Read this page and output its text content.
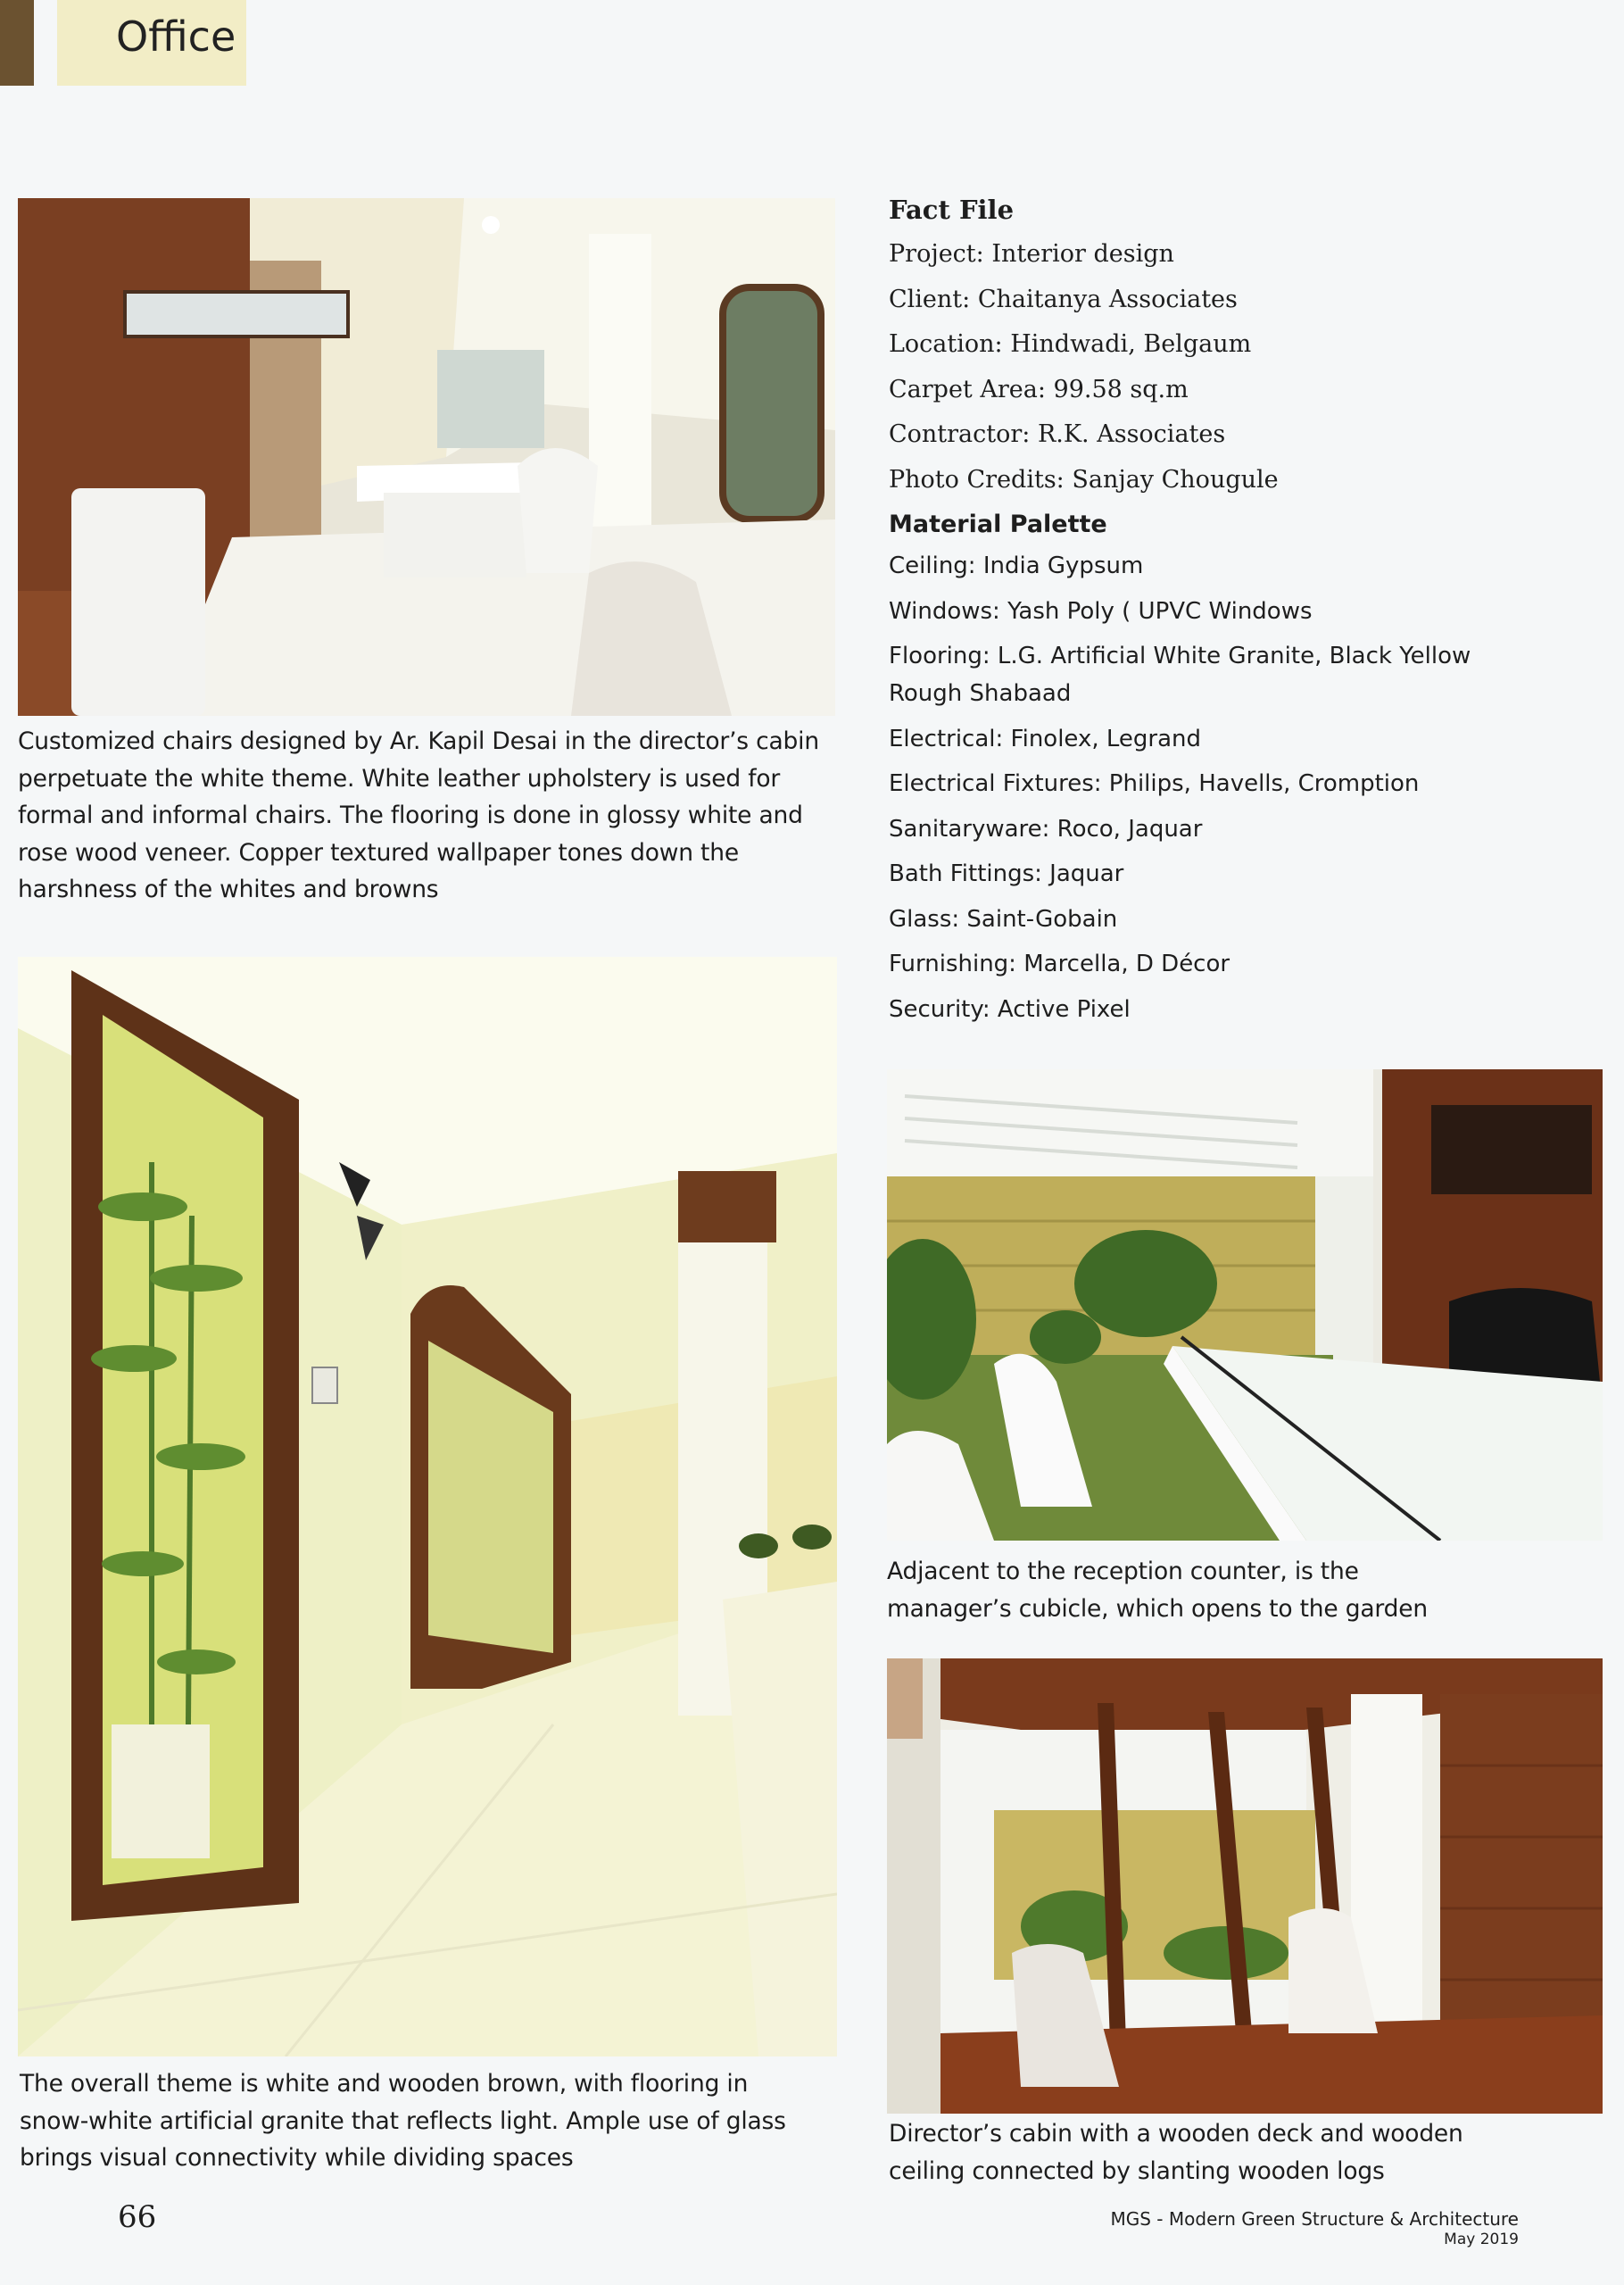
Office
Customized chairs designed by Ar. Kapil Desai in the director’s cabin perpetuate the white theme. White leather upholstery is used for formal and informal chairs. The flooring is done in glossy white and rose wood veneer. Copper textured wallpaper tones down the harshness of the whites and browns
The overall theme is white and wooden brown, with flooring in snow-white artificial granite that reflects light. Ample use of glass brings visual connectivity while dividing spaces
Fact File
Project: Interior design
Client: Chaitanya Associates
Location: Hindwadi, Belgaum
Carpet Area: 99.58 sq.m
Contractor: R.K. Associates
Photo Credits: Sanjay Chougule
Material Palette
Ceiling: India Gypsum
Windows: Yash Poly ( UPVC Windows
Flooring: L.G. Artificial White Granite, Black Yellow Rough Shabaad
Electrical: Finolex, Legrand
Electrical Fixtures: Philips, Havells, Cromption
Sanitaryware: Roco, Jaquar
Bath Fittings: Jaquar
Glass: Saint-Gobain
Furnishing: Marcella, D Décor
Security: Active Pixel
Adjacent to the reception counter, is the manager’s cubicle, which opens to the garden
Director’s cabin with a wooden deck and wooden ceiling connected by slanting wooden logs
66	MGS - Modern Green Structure & Architecture
May 2019
